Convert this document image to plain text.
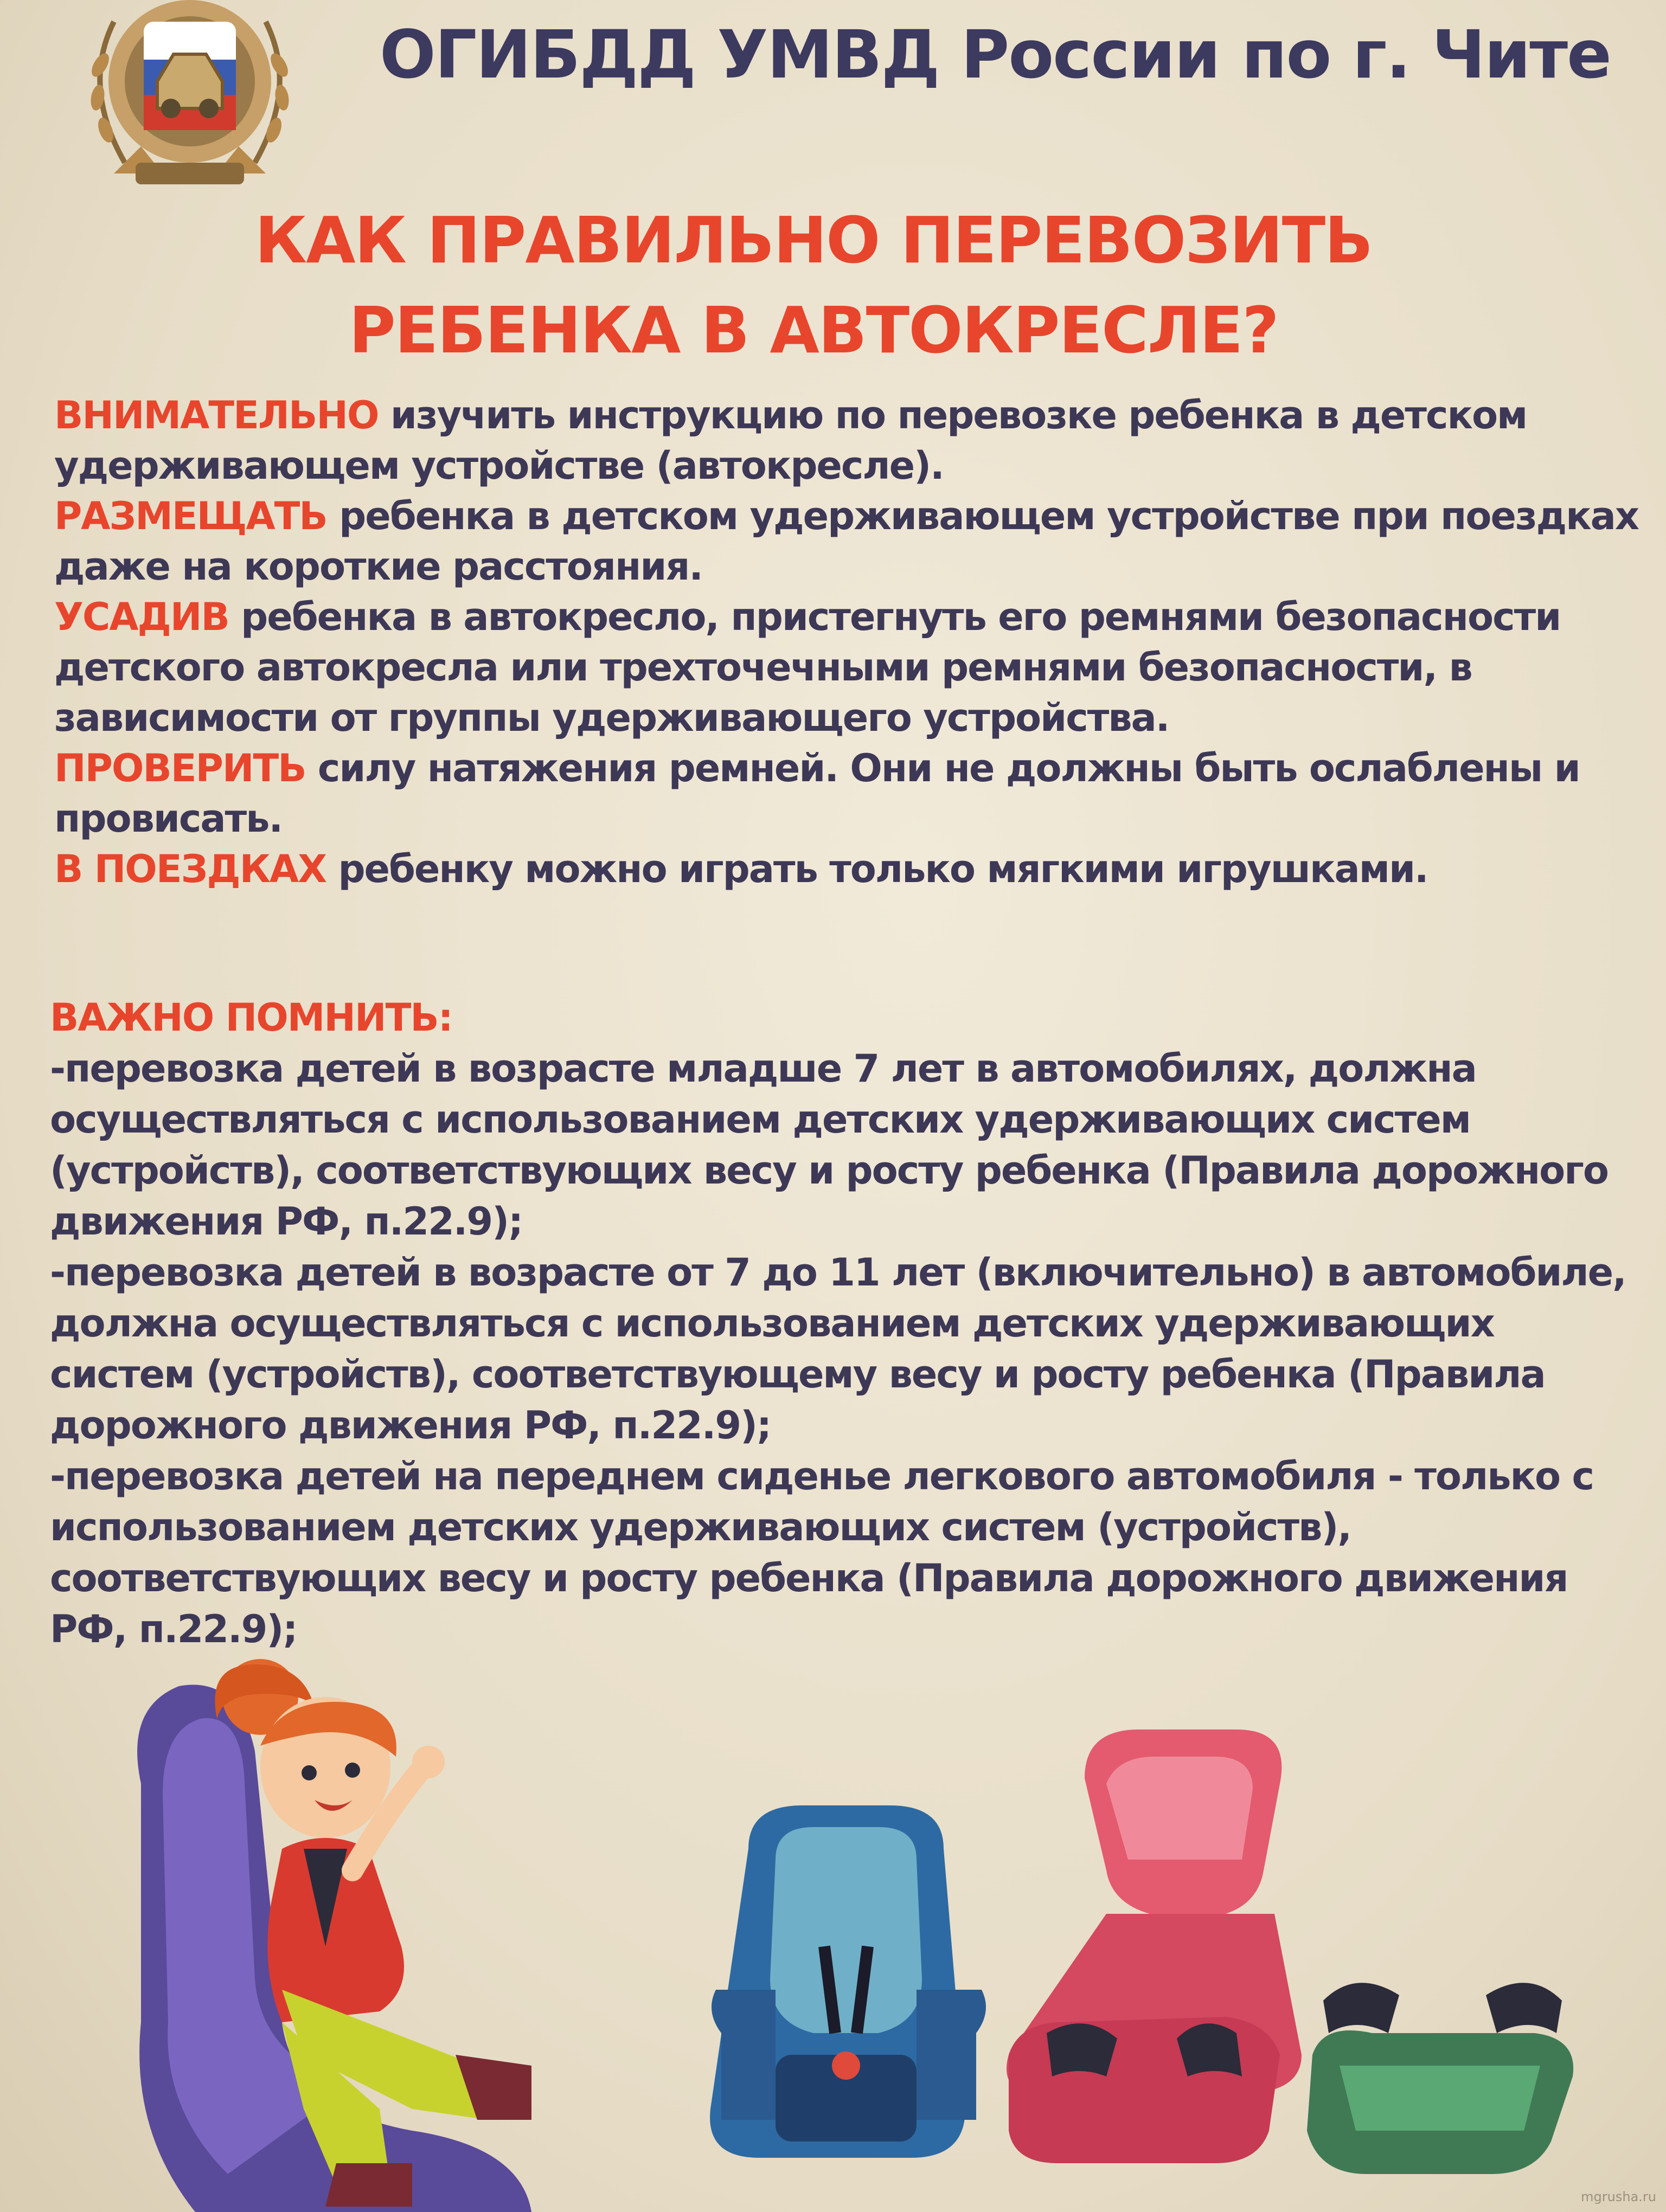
ОГИБДД УМВД России по г. Чите
КАК ПРАВИЛЬНО ПЕРЕВОЗИТЬ
РЕБЕНКА В АВТОКРЕСЛЕ?

ВНИМАТЕЛЬНО изучить инструкцию по перевозке ребенка в детском удерживающем устройстве (автокресле).

РАЗМЕЩАТЬ ребенка в детском удерживающем устройстве при поездках даже на короткие расстояния.

УСАДИВ ребенка в автокресло, пристегнуть его ремнями безопасности детского автокресла или трехточечными ремнями безопасности, в зависимости от группы удерживающего устройства.

ПРОВЕРИТЬ силу натяжения ремней. Они не должны быть ослаблены и провисать.

В ПОЕЗДКАХ ребенку можно играть только мягкими игрушками.

ВАЖНО ПОМНИТЬ:

-перевозка детей в возрасте младше 7 лет в автомобилях, должна осуществляться с использованием детских удерживающих систем (устройств), соответствующих весу и росту ребенка (Правила дорожного движения РФ, п.22.9);

-перевозка детей в возрасте от 7 до 11 лет (включительно) в автомобиле, должна осуществляться с использованием детских удерживающих систем (устройств), соответствующему весу и росту ребенка (Правила дорожного движения РФ, п.22.9);

-перевозка детей на переднем сиденье легкового автомобиля - только с использованием детских удерживающих систем (устройств), соответствующих весу и росту ребенка (Правила дорожного движения РФ, п.22.9);

mgrusha.ru
